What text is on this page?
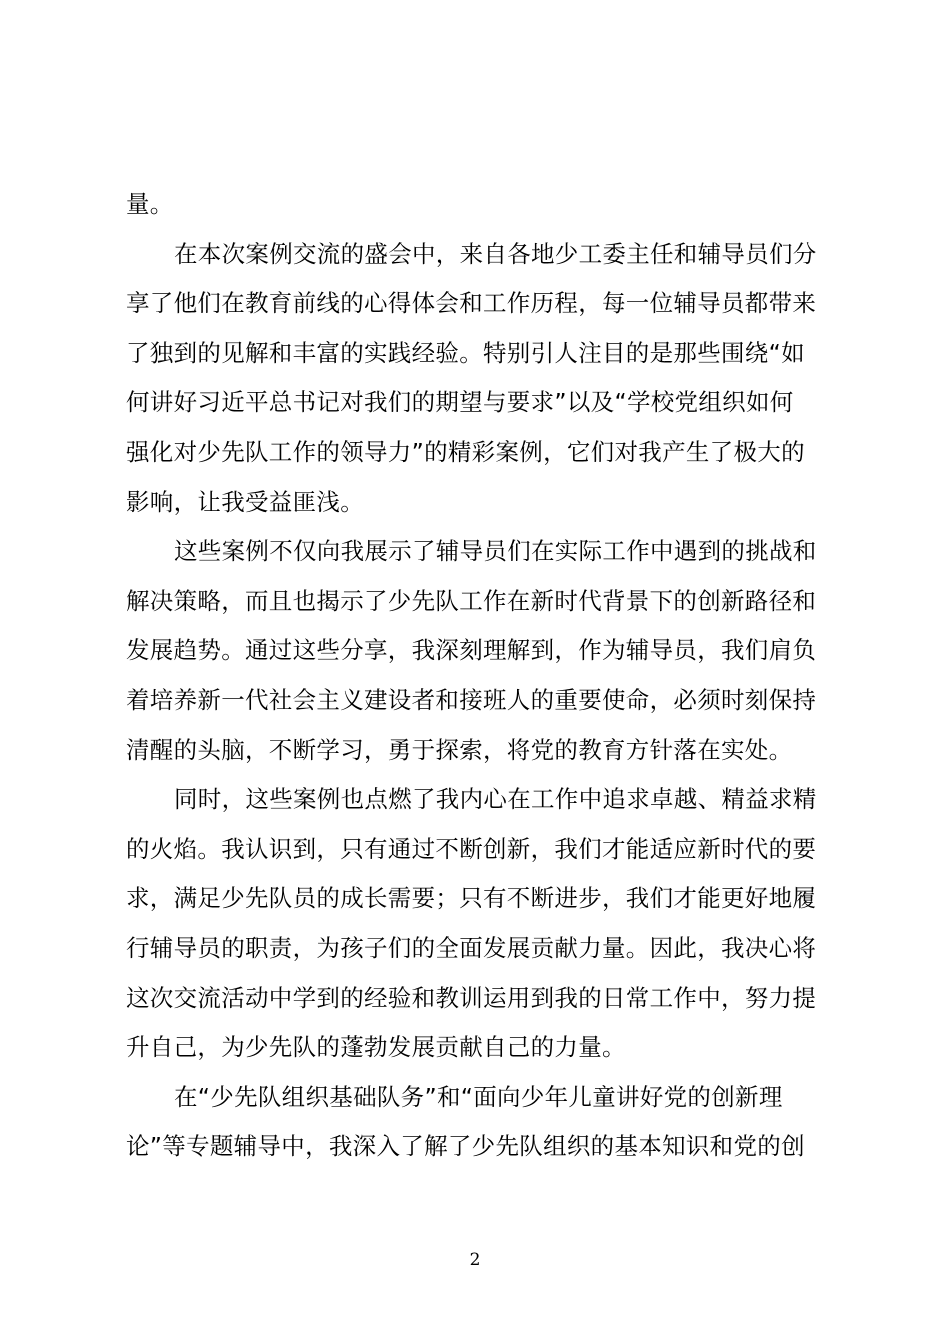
量。
在本次案例交流的盛会中，来自各地少工委主任和辅导员们分
享了他们在教育前线的心得体会和工作历程，每一位辅导员都带来
了独到的见解和丰富的实践经验。特别引人注目的是那些围绕“如
何讲好习近平总书记对我们的期望与要求”以及“学校党组织如何
强化对少先队工作的领导力”的精彩案例，它们对我产生了极大的
影响，让我受益匪浅。
这些案例不仅向我展示了辅导员们在实际工作中遇到的挑战和
解决策略，而且也揭示了少先队工作在新时代背景下的创新路径和
发展趋势。通过这些分享，我深刻理解到，作为辅导员，我们肩负
着培养新一代社会主义建设者和接班人的重要使命，必须时刻保持
清醒的头脑，不断学习，勇于探索，将党的教育方针落在实处。
同时，这些案例也点燃了我内心在工作中追求卓越、精益求精
的火焰。我认识到，只有通过不断创新，我们才能适应新时代的要
求，满足少先队员的成长需要；只有不断进步，我们才能更好地履
行辅导员的职责，为孩子们的全面发展贡献力量。因此，我决心将
这次交流活动中学到的经验和教训运用到我的日常工作中，努力提
升自己，为少先队的蓬勃发展贡献自己的力量。
在“少先队组织基础队务”和“面向少年儿童讲好党的创新理
论”等专题辅导中，我深入了解了少先队组织的基本知识和党的创
2
